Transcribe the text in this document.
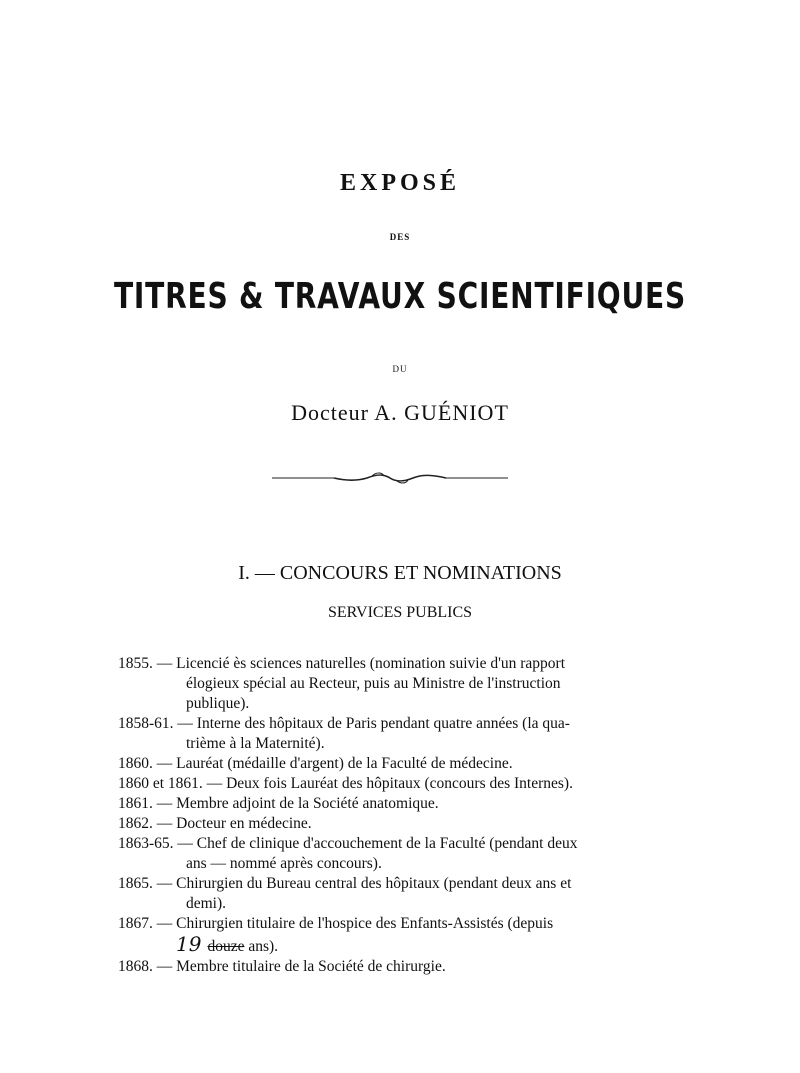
EXPOSÉ
DES
TITRES & TRAVAUX SCIENTIFIQUES
DU
Docteur A. GUÉNIOT
I. — CONCOURS ET NOMINATIONS
SERVICES PUBLICS
1855.
— Licencié ès sciences naturelles (nomination suivie d'un rapport
élogieux spécial au Recteur, puis au Ministre de l'instruction
publique).
1858-61.
— Interne des hôpitaux de Paris pendant quatre années (la qua-
trième à la Maternité).
1860.
— Lauréat (médaille d'argent) de la Faculté de médecine.
1860 et 1861.
— Deux fois Lauréat des hôpitaux (concours des Internes).
1861.
— Membre adjoint de la Société anatomique.
1862.
— Docteur en médecine.
1863-65.
— Chef de clinique d'accouchement de la Faculté (pendant deux
ans — nommé après concours).
1865.
— Chirurgien du Bureau central des hôpitaux (pendant deux ans et
demi).
1867.
— Chirurgien titulaire de l'hospice des Enfants-Assistés (depuis
19 douze ans).
1868.
— Membre titulaire de la Société de chirurgie.
